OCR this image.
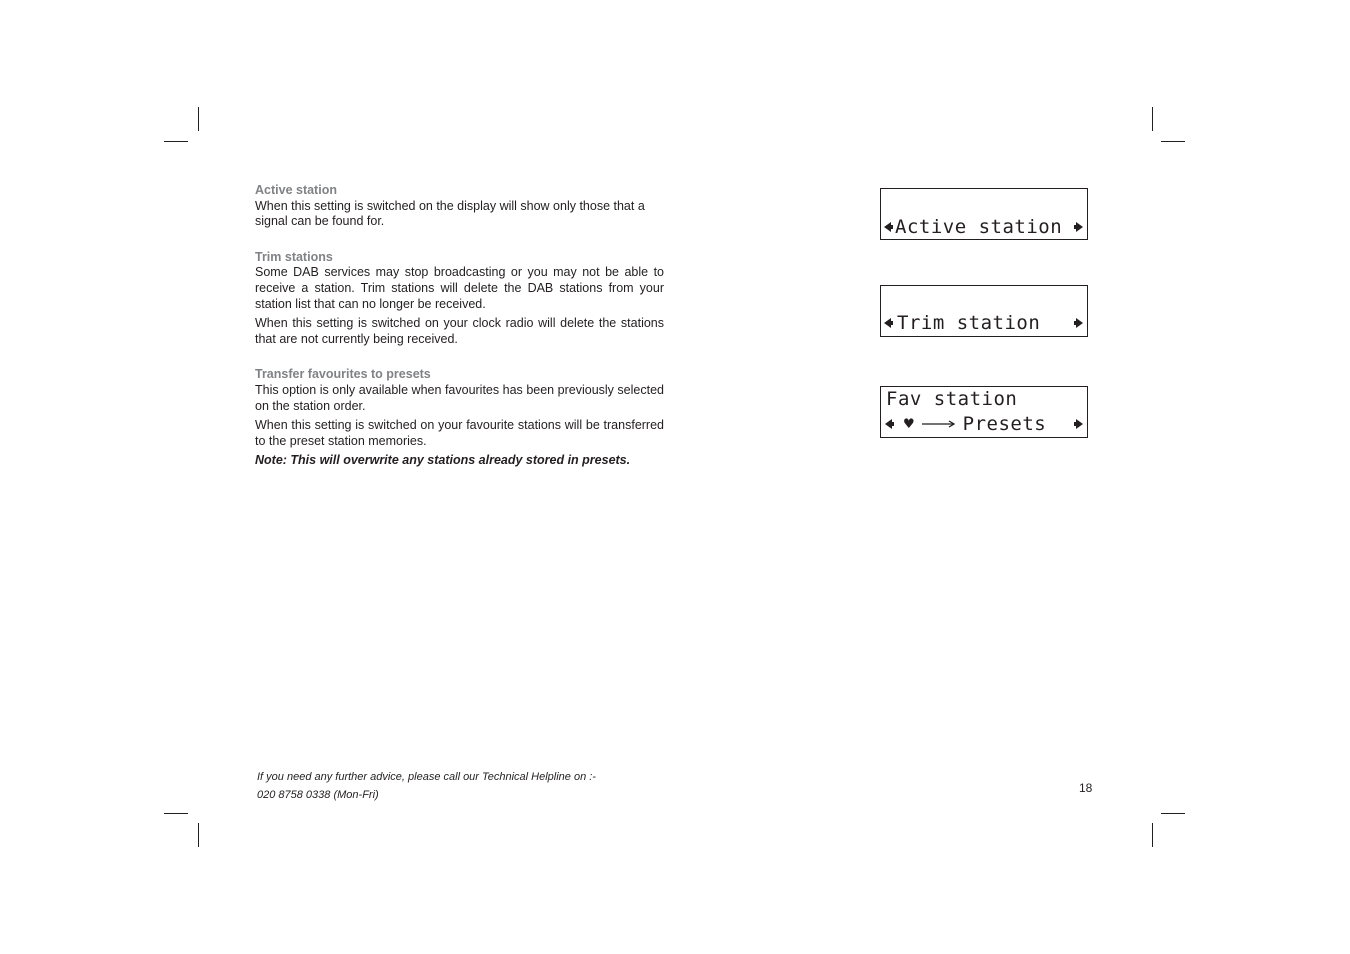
Active station

When this setting is switched on the display will show only those that a signal can be found for.

Trim stations

Some DAB services may stop broadcasting or you may not be able to receive a station. Trim stations will delete the DAB stations from your station list that can no longer be received.

When this setting is switched on your clock radio will delete the stations that are not currently being received.

Transfer favourites to presets

This option is only available when favourites has been previously selected on the station order.

When this setting is switched on your favourite stations will be transferred to the preset station memories.

Note: This will overwrite any stations already stored in presets.

Active station
Trim station
Fav station
♥	Presets
If you need any further advice, please call our Technical Helpline on :-
020 8758 0338 (Mon-Fri)	18
